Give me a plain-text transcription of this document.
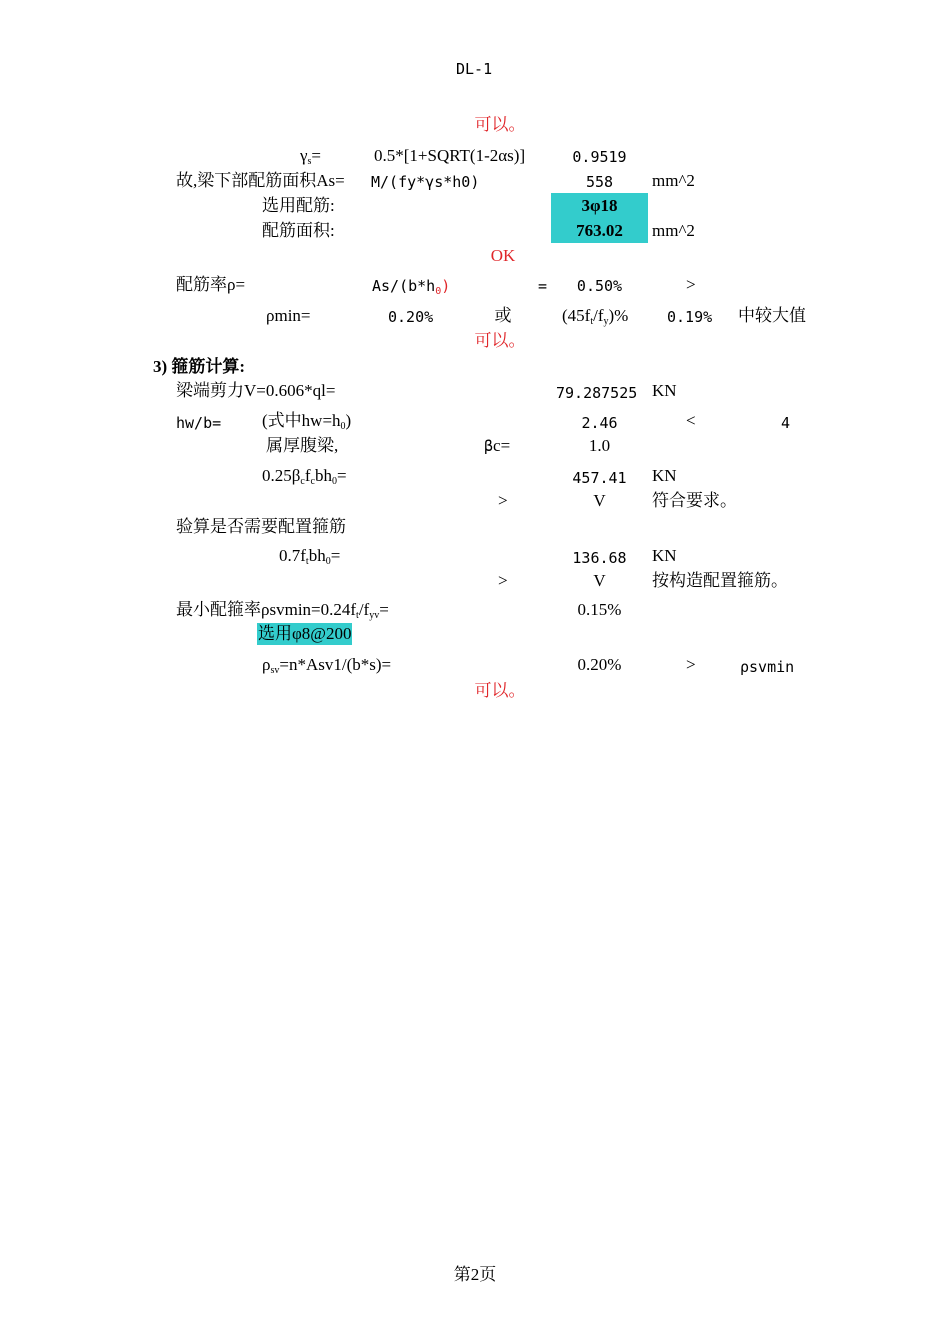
DL-1
可以。
$\gamma_s=$	0.5*[1+SQRT(1-2αs)]	0.9519
故,梁下部配筋面积As= M/(fy*γs*h0)	558	mm^2
选用配筋:	3φ18
配筋面积:	763.02	mm^2
OK
配筋率ρ=	$As/(b*h_0)$	=	0.50%	>
ρmin=	0.20%	或	$(45f_t/f_y)\%$	0.19% 中较大值
可以。
3) 箍筋计算:
梁端剪力V=0.606*ql=	79.287525 KN
hw/b= (式中$hw=h_0$)	2.46	<	4
属厚腹梁,	βc=	1.0
$0.25\beta_cf_cbh_0=$	457.41	KN
>	V	符合要求。
验算是否需要配置箍筋
$0.7f_tbh_0=$	136.68	KN
>	V	按构造配置箍筋。
最小配箍率$\rho svmin=0.24f_t/f_{yv}=$	0.15%
选用φ8@200
$\rho_{sv}=n*Asv1/(b*s)=$	0.20%	>	ρsvmin
可以。
第2页
